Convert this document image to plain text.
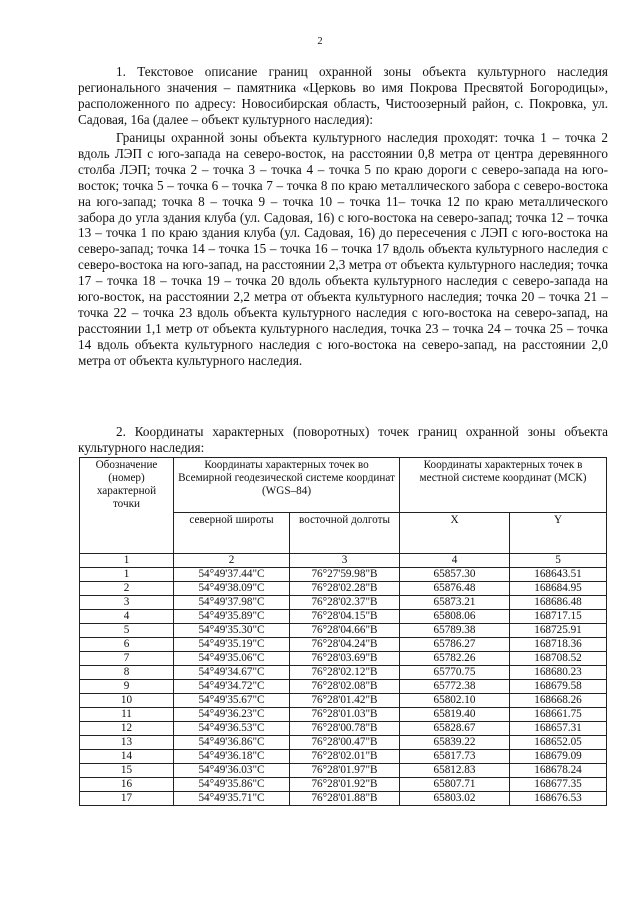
2

1. Текстовое описание границ охранной зоны объекта культурного наследия регионального значения – памятника «Церковь во имя Покрова Пресвятой Богородицы», расположенного по адресу: Новосибирская область, Чистоозерный район, с. Покровка, ул. Садовая, 16а (далее – объект культурного наследия):

Границы охранной зоны объекта культурного наследия проходят: точка 1 – точка 2 вдоль ЛЭП с юго-запада на северо-восток, на расстоянии 0,8 метра от центра деревянного столба ЛЭП; точка 2 – точка 3 – точка 4 – точка 5 по краю дороги с северо-запада на юго-восток; точка 5 – точка 6 – точка 7 – точка 8 по краю металлического забора с северо-востока на юго-запад; точка 8 – точка 9 – точка 10 – точка 11– точка 12 по краю металлического забора до угла здания клуба (ул. Садовая, 16) с юго-востока на северо-запад; точка 12 – точка 13 – точка 1 по краю здания клуба (ул. Садовая, 16) до пересечения с ЛЭП с юго-востока на северо-запад; точка 14 – точка 15 – точка 16 – точка 17 вдоль объекта культурного наследия с северо-востока на юго-запад, на расстоянии 2,3 метра от объекта культурного наследия; точка 17 – точка 18 – точка 19 – точка 20 вдоль объекта культурного наследия с северо-запада на юго-восток, на расстоянии 2,2 метра от объекта культурного наследия; точка 20 – точка 21 – точка 22 – точка 23 вдоль объекта культурного наследия с юго-востока на северо-запад, на расстоянии 1,1 метр от объекта культурного наследия, точка 23 – точка 24 – точка 25 – точка 14 вдоль объекта культурного наследия с юго-востока на северо-запад, на расстоянии 2,0 метра от объекта культурного наследия.

2. Координаты характерных (поворотных) точек границ охранной зоны объекта культурного наследия:

Обозначение (номер) характерной точки	Координаты характерных точек во Всемирной геодезической системе координат (WGS–84)		Координаты характерных точек в местной системе координат (МСК)	
	северной широты	восточной долготы	X	Y
1	2	3	4	5
1	54°49'37.44"С	76°27'59.98"В	65857.30	168643.51
2	54°49'38.09"С	76°28'02.28"В	65876.48	168684.95
3	54°49'37.98"С	76°28'02.37"В	65873.21	168686.48
4	54°49'35.89"С	76°28'04.15"В	65808.06	168717.15
5	54°49'35.30"С	76°28'04.66"В	65789.38	168725.91
6	54°49'35.19"С	76°28'04.24"В	65786.27	168718.36
7	54°49'35.06"С	76°28'03.69"В	65782.26	168708.52
8	54°49'34.67"С	76°28'02.12"В	65770.75	168680.23
9	54°49'34.72"С	76°28'02.08"В	65772.38	168679.58
10	54°49'35.67"С	76°28'01.42"В	65802.10	168668.26
11	54°49'36.23"С	76°28'01.03"В	65819.40	168661.75
12	54°49'36.53"С	76°28'00.78"В	65828.67	168657.31
13	54°49'36.86"С	76°28'00.47"В	65839.22	168652.05
14	54°49'36.18"С	76°28'02.01"В	65817.73	168679.09
15	54°49'36.03"С	76°28'01.97"В	65812.83	168678.24
16	54°49'35.86"С	76°28'01.92"В	65807.71	168677.35
17	54°49'35.71"С	76°28'01.88"В	65803.02	168676.53
